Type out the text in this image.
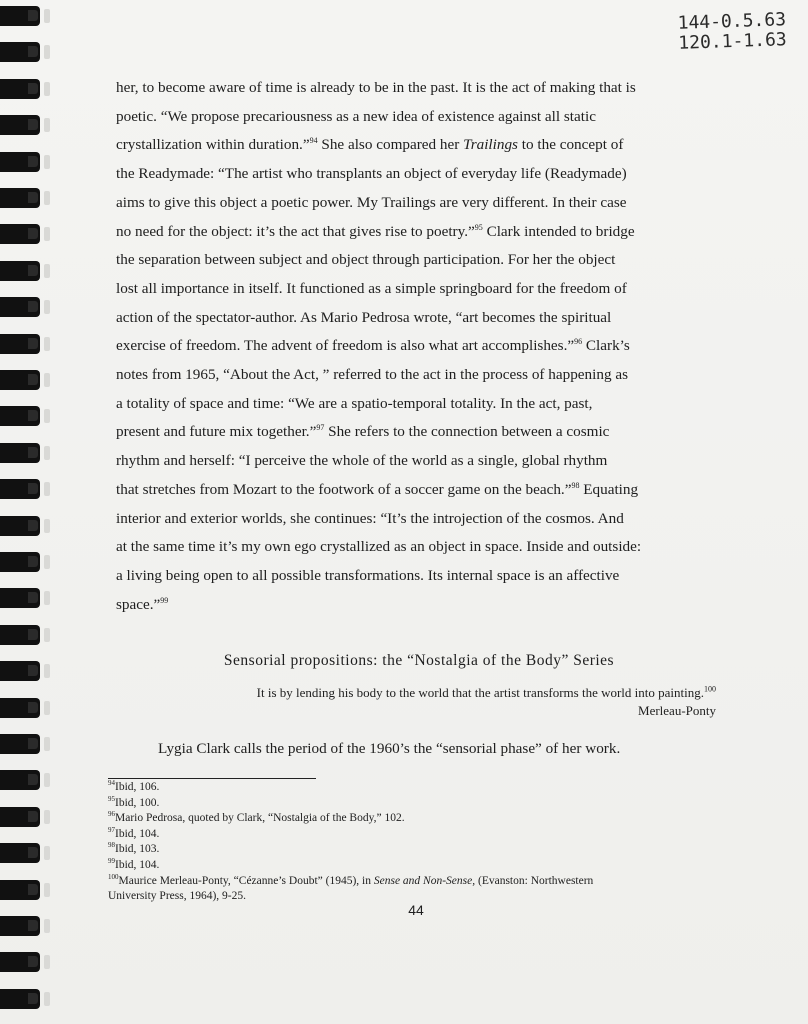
144-0.5.63
120.1-1.63

her, to become aware of time is already to be in the past. It is the act of making that is

poetic. “We propose precariousness as a new idea of existence against all static

crystallization within duration.”$^{94}$ She also compared her Trailings to the concept of

the Readymade: “The artist who transplants an object of everyday life (Readymade)

aims to give this object a poetic power. My Trailings are very different. In their case

no need for the object: it’s the act that gives rise to poetry.”$^{95}$ Clark intended to bridge

the separation between subject and object through participation. For her the object

lost all importance in itself. It functioned as a simple springboard for the freedom of

action of the spectator-author. As Mario Pedrosa wrote, “art becomes the spiritual

exercise of freedom. The advent of freedom is also what art accomplishes.”$^{96}$ Clark’s

notes from 1965, “About the Act, ” referred to the act in the process of happening as

a totality of space and time: “We are a spatio-temporal totality. In the act, past,

present and future mix together.”$^{97}$ She refers to the connection between a cosmic

rhythm and herself: “I perceive the whole of the world as a single, global rhythm

that stretches from Mozart to the footwork of a soccer game on the beach.”$^{98}$ Equating

interior and exterior worlds, she continues: “It’s the introjection of the cosmos. And

at the same time it’s my own ego crystallized as an object in space. Inside and outside:

a living being open to all possible transformations. Its internal space is an affective

space.”$^{99}$

Sensorial propositions: the “Nostalgia of the Body” Series
It is by lending his body to the world that the artist transforms the world into painting.$^{100}$
Merleau-Ponty
Lygia Clark calls the period of the 1960’s the “sensorial phase” of her work.
$^{94}$Ibid, 106.
$^{95}$Ibid, 100.
$^{96}$Mario Pedrosa, quoted by Clark, “Nostalgia of the Body,” 102.
$^{97}$Ibid, 104.
$^{98}$Ibid, 103.
$^{99}$Ibid, 104.
$^{100}$Maurice Merleau-Ponty, “Cézanne’s Doubt” (1945), in Sense and Non-Sense, (Evanston: Northwestern
University Press, 1964), 9-25.
44
